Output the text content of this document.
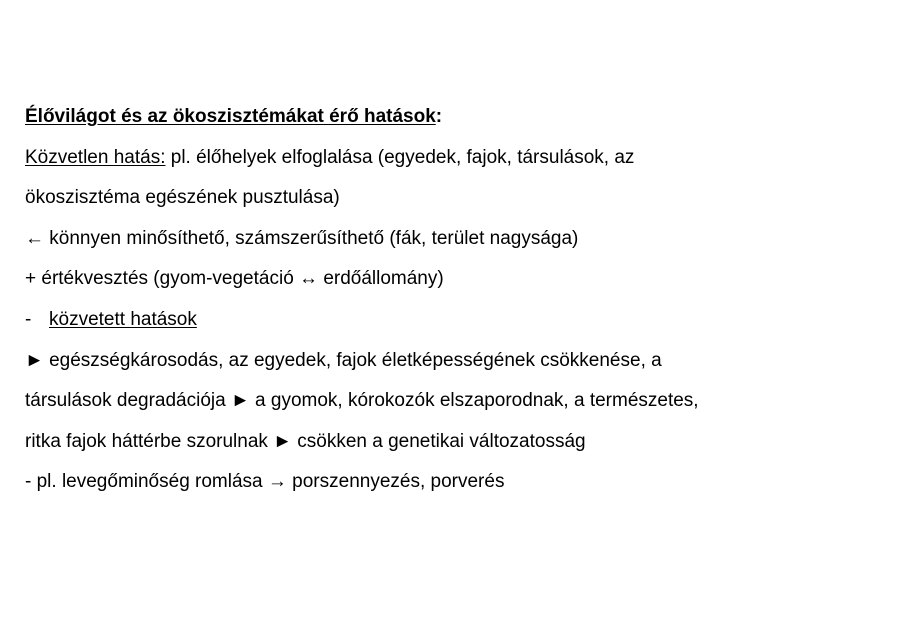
Élővilágot és az ökoszisztémákat érő hatások:
Közvetlen hatás: pl. élőhelyek elfoglalása (egyedek, fajok, társulások, az
ökoszisztéma egészének pusztulása)
← könnyen minősíthető, számszerűsíthető (fák, terület nagysága)
+ értékvesztés (gyom-vegetáció ↔ erdőállomány)
- közvetett hatások
► egészségkárosodás, az egyedek, fajok életképességének csökkenése, a
társulások degradációja ► a gyomok, kórokozók elszaporodnak, a természetes,
ritka fajok háttérbe szorulnak ► csökken a genetikai változatosság
- pl. levegőminőség romlása → porszennyezés, porverés
